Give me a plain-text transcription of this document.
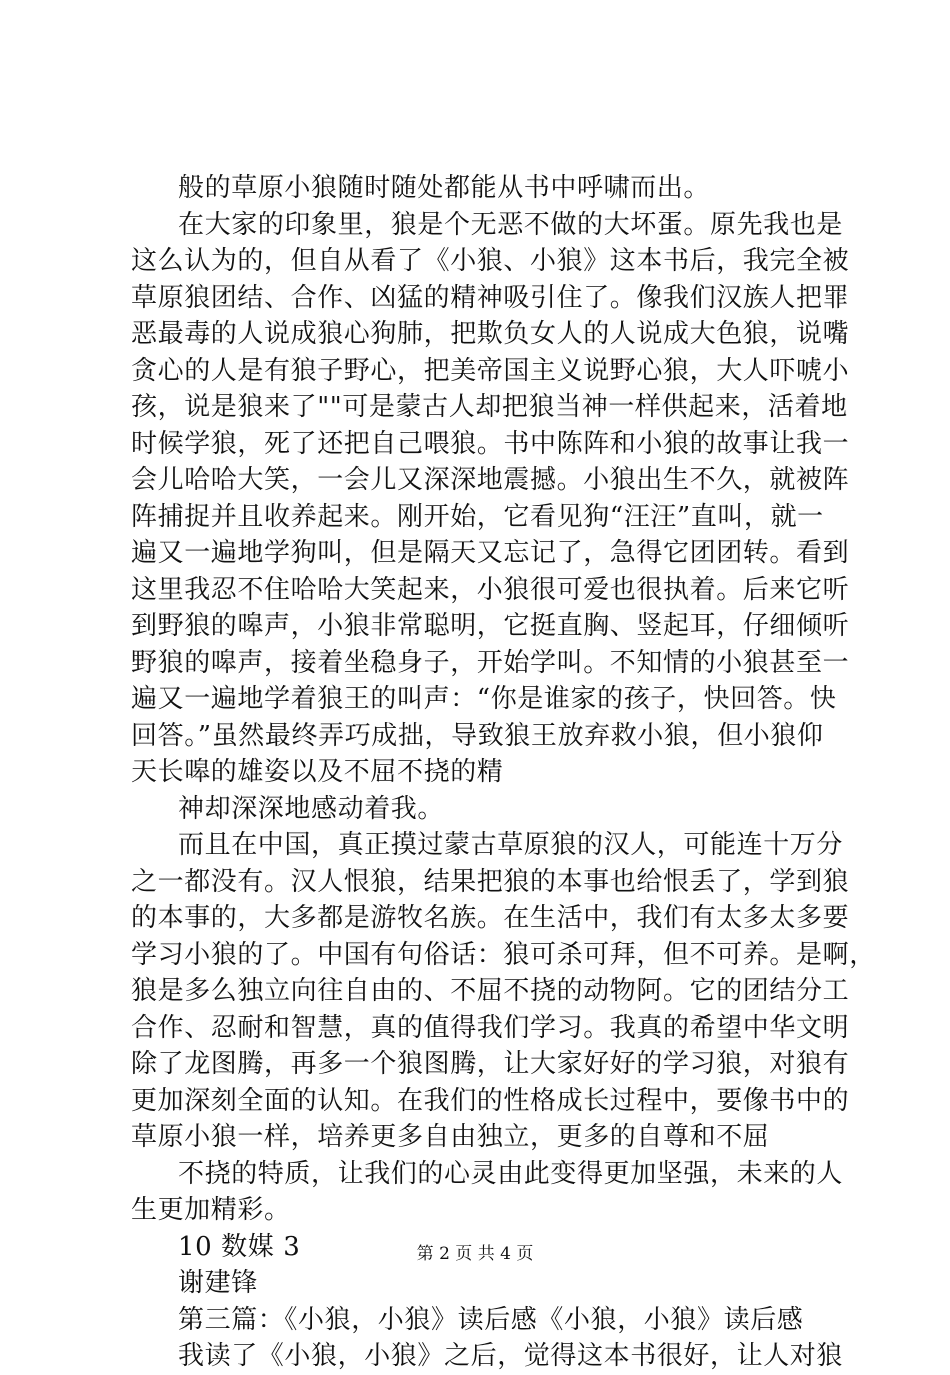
般的草原小狼随时随处都能从书中呼啸而出。
在大家的印象里，狼是个无恶不做的大坏蛋。原先我也是
这么认为的，但自从看了《小狼、小狼》这本书后，我完全被
草原狼团结、合作、凶猛的精神吸引住了。像我们汉族人把罪
恶最毒的人说成狼心狗肺，把欺负女人的人说成大色狼，说嘴
贪心的人是有狼子野心，把美帝国主义说野心狼，大人吓唬小
孩，说是狼来了""可是蒙古人却把狼当神一样供起来，活着地
时候学狼，死了还把自己喂狼。书中陈阵和小狼的故事让我一
会儿哈哈大笑，一会儿又深深地震撼。小狼出生不久，就被阵
阵捕捉并且收养起来。刚开始，它看见狗“汪汪”直叫，就一
遍又一遍地学狗叫，但是隔天又忘记了，急得它团团转。看到
这里我忍不住哈哈大笑起来，小狼很可爱也很执着。后来它听
到野狼的嗥声，小狼非常聪明，它挺直胸、竖起耳，仔细倾听
野狼的嗥声，接着坐稳身子，开始学叫。不知情的小狼甚至一
遍又一遍地学着狼王的叫声：“你是谁家的孩子，快回答。快
回答。”虽然最终弄巧成拙，导致狼王放弃救小狼，但小狼仰
天长嗥的雄姿以及不屈不挠的精
神却深深地感动着我。
而且在中国，真正摸过蒙古草原狼的汉人，可能连十万分
之一都没有。汉人恨狼，结果把狼的本事也给恨丢了，学到狼
的本事的，大多都是游牧名族。在生活中，我们有太多太多要
学习小狼的了。中国有句俗话：狼可杀可拜，但不可养。是啊，
狼是多么独立向往自由的、不屈不挠的动物阿。它的团结分工
合作、忍耐和智慧，真的值得我们学习。我真的希望中华文明
除了龙图腾，再多一个狼图腾，让大家好好的学习狼，对狼有
更加深刻全面的认知。在我们的性格成长过程中，要像书中的
草原小狼一样，培养更多自由独立，更多的自尊和不屈
不挠的特质，让我们的心灵由此变得更加坚强，未来的人
生更加精彩。
10 数媒 3
谢建锋
第三篇：《小狼，小狼》读后感《小狼，小狼》读后感
我读了《小狼，小狼》之后，觉得这本书很好，让人对狼
第 2 页 共 4 页
